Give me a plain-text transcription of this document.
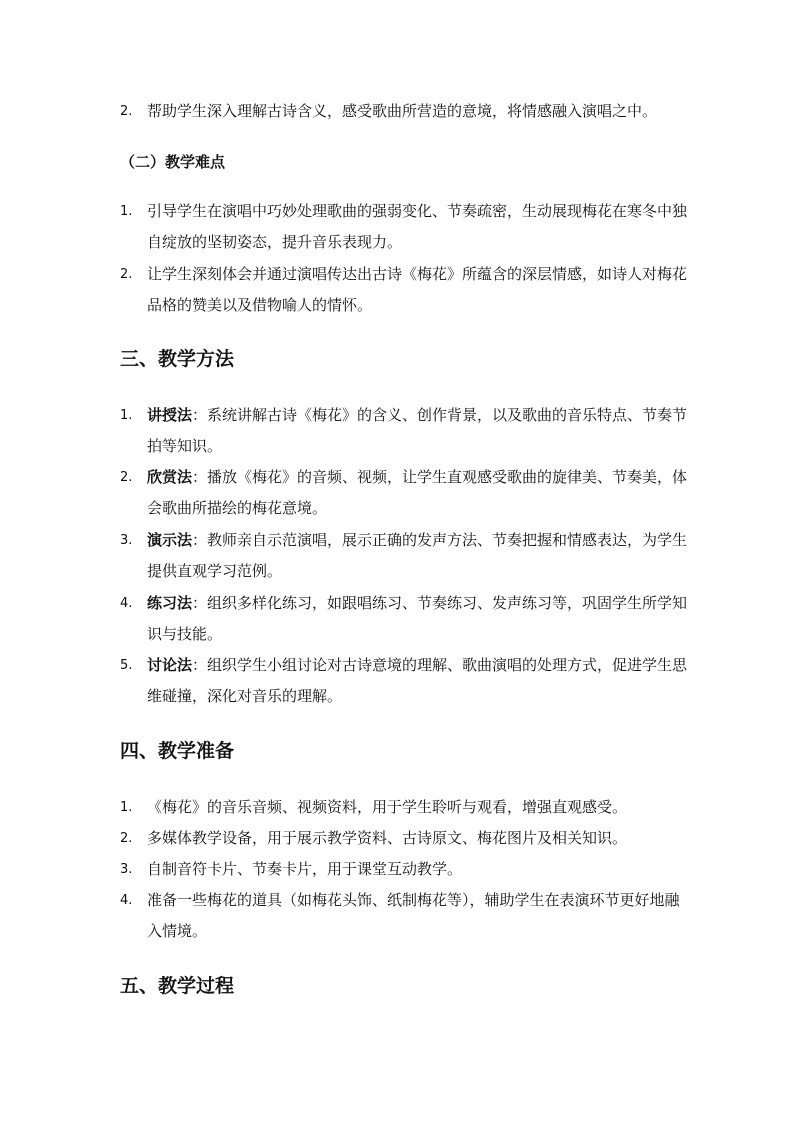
2. 帮助学生深入理解古诗含义，感受歌曲所营造的意境，将情感融入演唱之中。
（二）教学难点
1. 引导学生在演唱中巧妙处理歌曲的强弱变化、节奏疏密，生动展现梅花在寒冬中独自绽放的坚韧姿态，提升音乐表现力。
2. 让学生深刻体会并通过演唱传达出古诗《梅花》所蕴含的深层情感，如诗人对梅花品格的赞美以及借物喻人的情怀。
三、教学方法
1. 讲授法：系统讲解古诗《梅花》的含义、创作背景，以及歌曲的音乐特点、节奏节拍等知识。
2. 欣赏法：播放《梅花》的音频、视频，让学生直观感受歌曲的旋律美、节奏美，体会歌曲所描绘的梅花意境。
3. 演示法：教师亲自示范演唱，展示正确的发声方法、节奏把握和情感表达，为学生提供直观学习范例。
4. 练习法：组织多样化练习，如跟唱练习、节奏练习、发声练习等，巩固学生所学知识与技能。
5. 讨论法：组织学生小组讨论对古诗意境的理解、歌曲演唱的处理方式，促进学生思维碰撞，深化对音乐的理解。
四、教学准备
1. 《梅花》的音乐音频、视频资料，用于学生聆听与观看，增强直观感受。
2. 多媒体教学设备，用于展示教学资料、古诗原文、梅花图片及相关知识。
3. 自制音符卡片、节奏卡片，用于课堂互动教学。
4. 准备一些梅花的道具（如梅花头饰、纸制梅花等），辅助学生在表演环节更好地融入情境。
五、教学过程
